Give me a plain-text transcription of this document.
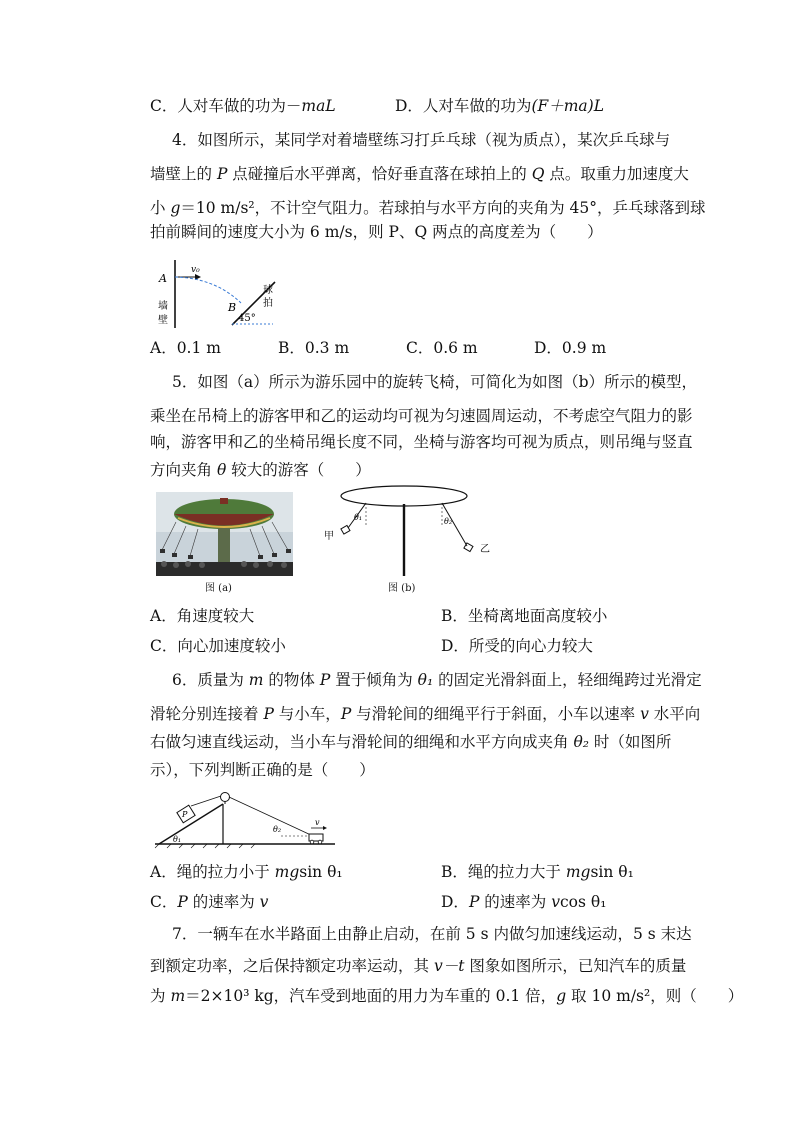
C．人对车做的功为－maL	D．人对车做的功为(F＋ma)L
4．如图所示，某同学对着墙壁练习打乒乓球（视为质点），某次乒乓球与
墙壁上的 P 点碰撞后水平弹离，恰好垂直落在球拍上的 Q 点。取重力加速度大
小 g＝10 m/s²，不计空气阻力。若球拍与水平方向的夹角为 45°，乒乓球落到球
拍前瞬间的速度大小为 6 m/s，则 P、Q 两点的高度差为（　　）
A
v₀
墙
壁
B
45°
球
拍
A．0.1 m	B．0.3 m	C．0.6 m	D．0.9 m
5．如图（a）所示为游乐园中的旋转飞椅，可简化为如图（b）所示的模型，
乘坐在吊椅上的游客甲和乙的运动均可视为匀速圆周运动，不考虑空气阻力的影
响，游客甲和乙的坐椅吊绳长度不同，坐椅与游客均可视为质点，则吊绳与竖直
方向夹角 θ 较大的游客（　　）
图 (a)
θ₁
甲
θ₂
乙
图 (b)
A．角速度较大	B．坐椅离地面高度较小
C．向心加速度较小	D．所受的向心力较大
6．质量为 m 的物体 P 置于倾角为 θ₁ 的固定光滑斜面上，轻细绳跨过光滑定
滑轮分别连接着 P 与小车，P 与滑轮间的细绳平行于斜面，小车以速率 v 水平向
右做匀速直线运动，当小车与滑轮间的细绳和水平方向成夹角 θ₂ 时（如图所
示），下列判断正确的是（　　）
θ₁
P
θ₂
v
A．绳的拉力小于 mgsin θ₁	B．绳的拉力大于 mgsin θ₁
C．P 的速率为 v	D．P 的速率为 vcos θ₁
7．一辆车在水半路面上由静止启动，在前 5 s 内做匀加速线运动，5 s 末达
到额定功率，之后保持额定功率运动，其 v－t 图象如图所示，已知汽车的质量
为 m＝2×10³ kg，汽车受到地面的用力为车重的 0.1 倍，g 取 10 m/s²，则（　　）
